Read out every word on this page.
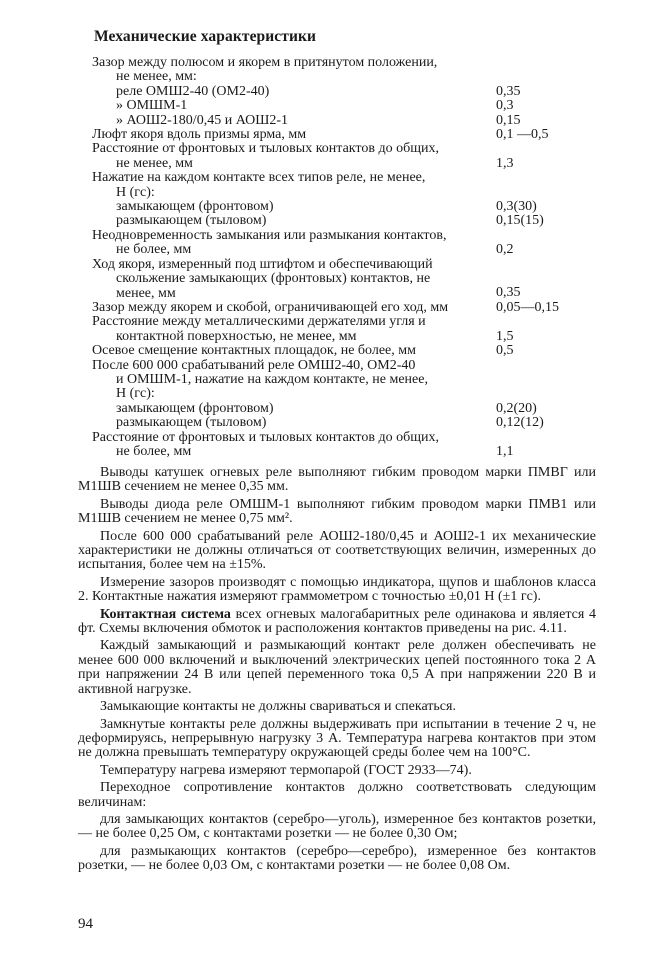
Механические характеристики
Зазор между полюсом и якорем в притянутом положении,
не менее, мм:
реле ОМШ2-40 (ОМ2-40)	0,35
» ОМШМ-1	0,3
» АОШ2-180/0,45 и АОШ2-1	0,15
Люфт якоря вдоль призмы ярма, мм	0,1 —0,5
Расстояние от фронтовых и тыловых контактов до общих,
не менее, мм	1,3
Нажатие на каждом контакте всех типов реле, не менее,
Н (гс):
замыкающем (фронтовом)	0,3(30)
размыкающем (тыловом)	0,15(15)
Неодновременность замыкания или размыкания контактов,
не более, мм	0,2
Ход якоря, измеренный под штифтом и обеспечивающий
скольжение замыкающих (фронтовых) контактов, не
менее, мм	0,35
Зазор между якорем и скобой, ограничивающей его ход, мм	0,05—0,15
Расстояние между металлическими держателями угля и
контактной поверхностью, не менее, мм	1,5
Осевое смещение контактных площадок, не более, мм	0,5
После 600 000 срабатываний реле ОМШ2-40, ОМ2-40
и ОМШМ-1, нажатие на каждом контакте, не менее,
Н (гс):
замыкающем (фронтовом)	0,2(20)
размыкающем (тыловом)	0,12(12)
Расстояние от фронтовых и тыловых контактов до общих,
не более, мм	1,1

Выводы катушек огневых реле выполняют гибким проводом марки ПМВГ или М1ШВ сечением не менее 0,35 мм.

Выводы диода реле ОМШМ-1 выполняют гибким проводом марки ПМВ1 или М1ШВ сечением не менее 0,75 мм².

После 600 000 срабатываний реле АОШ2-180/0,45 и АОШ2-1 их механические характеристики не должны отличаться от соответствующих величин, измеренных до испытания, более чем на ±15%.

Измерение зазоров производят с помощью индикатора, щупов и шаблонов класса 2. Контактные нажатия измеряют граммометром с точностью ±0,01 Н (±1 гс).

Контактная система всех огневых малогабаритных реле одинакова и является 4 фт. Схемы включения обмоток и расположения контактов приведены на рис. 4.11.

Каждый замыкающий и размыкающий контакт реле должен обеспечивать не менее 600 000 включений и выключений электрических цепей постоянного тока 2 А при напряжении 24 В или цепей переменного тока 0,5 А при напряжении 220 В и активной нагрузке.

Замыкающие контакты не должны свариваться и спекаться.

Замкнутые контакты реле должны выдерживать при испытании в течение 2 ч, не деформируясь, непрерывную нагрузку 3 А. Температура нагрева контактов при этом не должна превышать температуру окружающей среды более чем на 100°С.

Температуру нагрева измеряют термопарой (ГОСТ 2933—74).

Переходное сопротивление контактов должно соответствовать следующим величинам:

для замыкающих контактов (серебро—уголь), измеренное без контактов розетки, — не более 0,25 Ом, с контактами розетки — не более 0,30 Ом;

для размыкающих контактов (серебро—серебро), измеренное без контактов розетки, — не более 0,03 Ом, с контактами розетки — не более 0,08 Ом.

94
